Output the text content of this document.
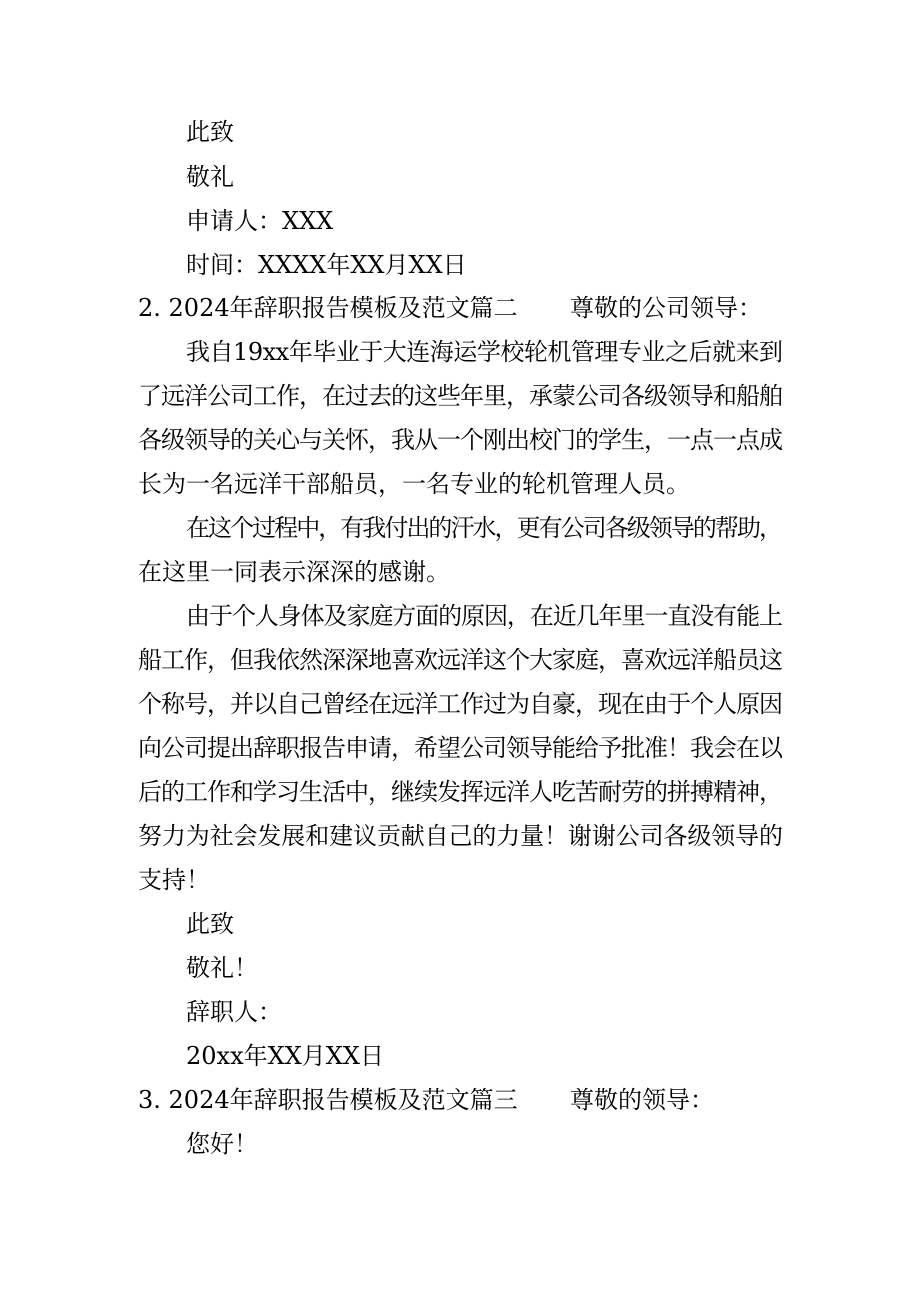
此致
敬礼
申请人：XXX
时间：XXXX年XX月XX日
2. 2024年辞职报告模板及范文篇二 尊敬的公司领导：
我自19xx年毕业于大连海运学校轮机管理专业之后就来到
了远洋公司工作，在过去的这些年里，承蒙公司各级领导和船舶
各级领导的关心与关怀，我从一个刚出校门的学生，一点一点成
长为一名远洋干部船员，一名专业的轮机管理人员。
在这个过程中，有我付出的汗水，更有公司各级领导的帮助，
在这里一同表示深深的感谢。
由于个人身体及家庭方面的原因，在近几年里一直没有能上
船工作，但我依然深深地喜欢远洋这个大家庭，喜欢远洋船员这
个称号，并以自己曾经在远洋工作过为自豪，现在由于个人原因
向公司提出辞职报告申请，希望公司领导能给予批准！我会在以
后的工作和学习生活中，继续发挥远洋人吃苦耐劳的拼搏精神，
努力为社会发展和建议贡献自己的力量！谢谢公司各级领导的
支持！
此致
敬礼！
辞职人：
20xx年XX月XX日
3. 2024年辞职报告模板及范文篇三 尊敬的领导：
您好！
